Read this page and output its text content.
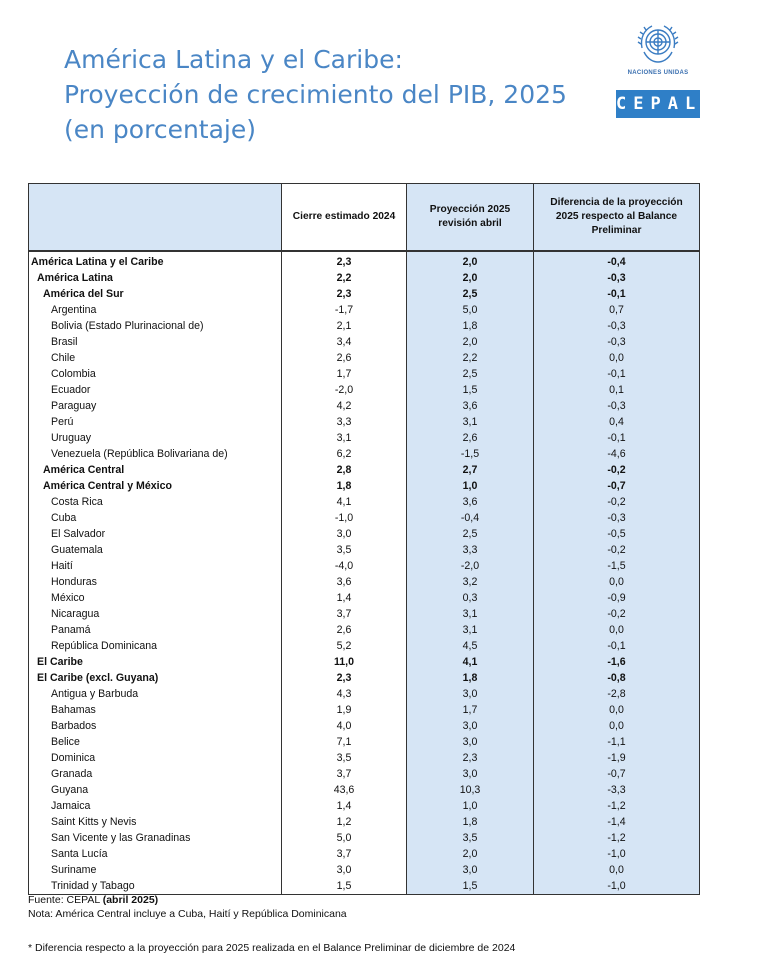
América Latina y el Caribe:
Proyección de crecimiento del PIB, 2025
(en porcentaje)
NACIONES UNIDAS
CEPAL
	Cierre estimado 2024	Proyección 2025 revisión abril	Diferencia de la proyección 2025 respecto al Balance Preliminar
América Latina y el Caribe	2,3	2,0	-0,4
América Latina	2,2	2,0	-0,3
América del Sur	2,3	2,5	-0,1
Argentina	-1,7	5,0	0,7
Bolivia (Estado Plurinacional de)	2,1	1,8	-0,3
Brasil	3,4	2,0	-0,3
Chile	2,6	2,2	0,0
Colombia	1,7	2,5	-0,1
Ecuador	-2,0	1,5	0,1
Paraguay	4,2	3,6	-0,3
Perú	3,3	3,1	0,4
Uruguay	3,1	2,6	-0,1
Venezuela (República Bolivariana de)	6,2	-1,5	-4,6
América Central	2,8	2,7	-0,2
América Central y México	1,8	1,0	-0,7
Costa Rica	4,1	3,6	-0,2
Cuba	-1,0	-0,4	-0,3
El Salvador	3,0	2,5	-0,5
Guatemala	3,5	3,3	-0,2
Haití	-4,0	-2,0	-1,5
Honduras	3,6	3,2	0,0
México	1,4	0,3	-0,9
Nicaragua	3,7	3,1	-0,2
Panamá	2,6	3,1	0,0
República Dominicana	5,2	4,5	-0,1
El Caribe	11,0	4,1	-1,6
El Caribe (excl. Guyana)	2,3	1,8	-0,8
Antigua y Barbuda	4,3	3,0	-2,8
Bahamas	1,9	1,7	0,0
Barbados	4,0	3,0	0,0
Belice	7,1	3,0	-1,1
Dominica	3,5	2,3	-1,9
Granada	3,7	3,0	-0,7
Guyana	43,6	10,3	-3,3
Jamaica	1,4	1,0	-1,2
Saint Kitts y Nevis	1,2	1,8	-1,4
San Vicente y las Granadinas	5,0	3,5	-1,2
Santa Lucía	3,7	2,0	-1,0
Suriname	3,0	3,0	0,0
Trinidad y Tabago	1,5	1,5	-1,0
Fuente: CEPAL (abril 2025)
Nota: América Central incluye a Cuba, Haití y República Dominicana
* Diferencia respecto a la proyección para 2025 realizada en el Balance Preliminar de diciembre de 2024
